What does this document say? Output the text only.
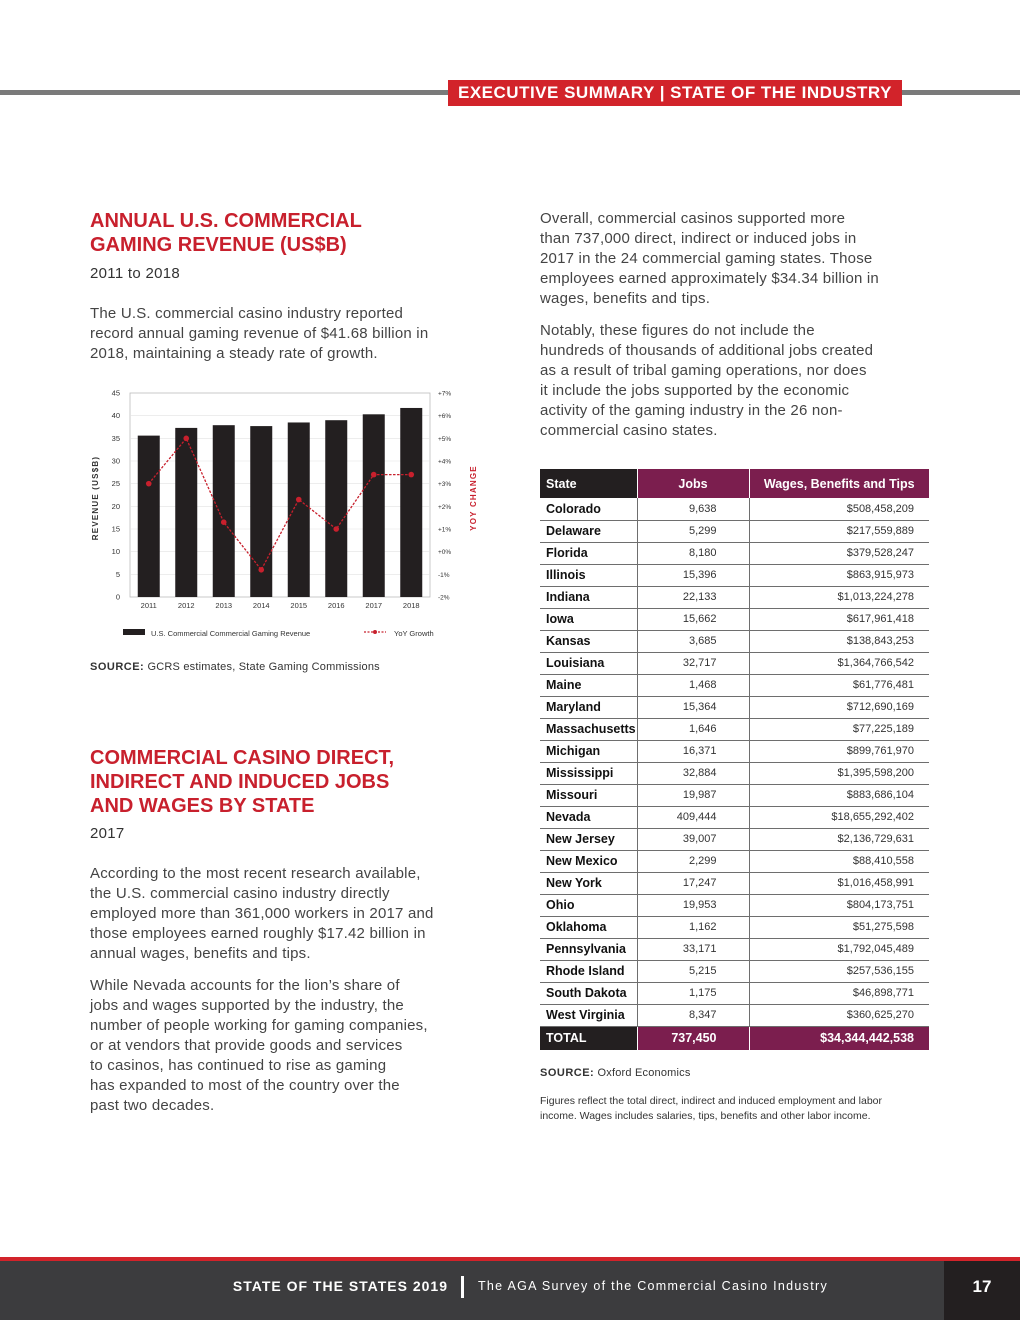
EXECUTIVE SUMMARY | STATE OF THE INDUSTRY
ANNUAL U.S. COMMERCIAL
GAMING REVENUE (US$B)
2011 to 2018
The U.S. commercial casino industry reported
record annual gaming revenue of $41.68 billion in
2018, maintaining a steady rate of growth.
0
5
10
15
20
25
30
35
40
45
-2%
-1%
+0%
+1%
+2%
+3%
+4%
+5%
+6%
+7%
2011	2012	2013	2014	2015	2016	2017	2018
REVENUE (US$B)	YOY CHANGE
U.S. Commercial Commercial Gaming Revenue	YoY Growth
SOURCE: GCRS estimates, State Gaming Commissions
COMMERCIAL CASINO DIRECT,
INDIRECT AND INDUCED JOBS
AND WAGES BY STATE
2017
According to the most recent research available,
the U.S. commercial casino industry directly
employed more than 361,000 workers in 2017 and
those employees earned roughly $17.42 billion in
annual wages, benefits and tips.
While Nevada accounts for the lion’s share of
jobs and wages supported by the industry, the
number of people working for gaming companies,
or at vendors that provide goods and services
to casinos, has continued to rise as gaming
has expanded to most of the country over the
past two decades.
Overall, commercial casinos supported more
than 737,000 direct, indirect or induced jobs in
2017 in the 24 commercial gaming states. Those
employees earned approximately $34.34 billion in
wages, benefits and tips.
Notably, these figures do not include the
hundreds of thousands of additional jobs created
as a result of tribal gaming operations, nor does
it include the jobs supported by the economic
activity of the gaming industry in the 26 non-
commercial casino states.
State	Jobs	Wages, Benefits and Tips
Colorado	9,638	$508,458,209
Delaware	5,299	$217,559,889
Florida	8,180	$379,528,247
Illinois	15,396	$863,915,973
Indiana	22,133	$1,013,224,278
Iowa	15,662	$617,961,418
Kansas	3,685	$138,843,253
Louisiana	32,717	$1,364,766,542
Maine	1,468	$61,776,481
Maryland	15,364	$712,690,169
Massachusetts	1,646	$77,225,189
Michigan	16,371	$899,761,970
Mississippi	32,884	$1,395,598,200
Missouri	19,987	$883,686,104
Nevada	409,444	$18,655,292,402
New Jersey	39,007	$2,136,729,631
New Mexico	2,299	$88,410,558
New York	17,247	$1,016,458,991
Ohio	19,953	$804,173,751
Oklahoma	1,162	$51,275,598
Pennsylvania	33,171	$1,792,045,489
Rhode Island	5,215	$257,536,155
South Dakota	1,175	$46,898,771
West Virginia	8,347	$360,625,270
TOTAL	737,450	$34,344,442,538
SOURCE: Oxford Economics
Figures reflect the total direct, indirect and induced employment and labor
income. Wages includes salaries, tips, benefits and other labor income.
STATE OF THE STATES 2019 The AGA Survey of the Commercial Casino Industry	17
